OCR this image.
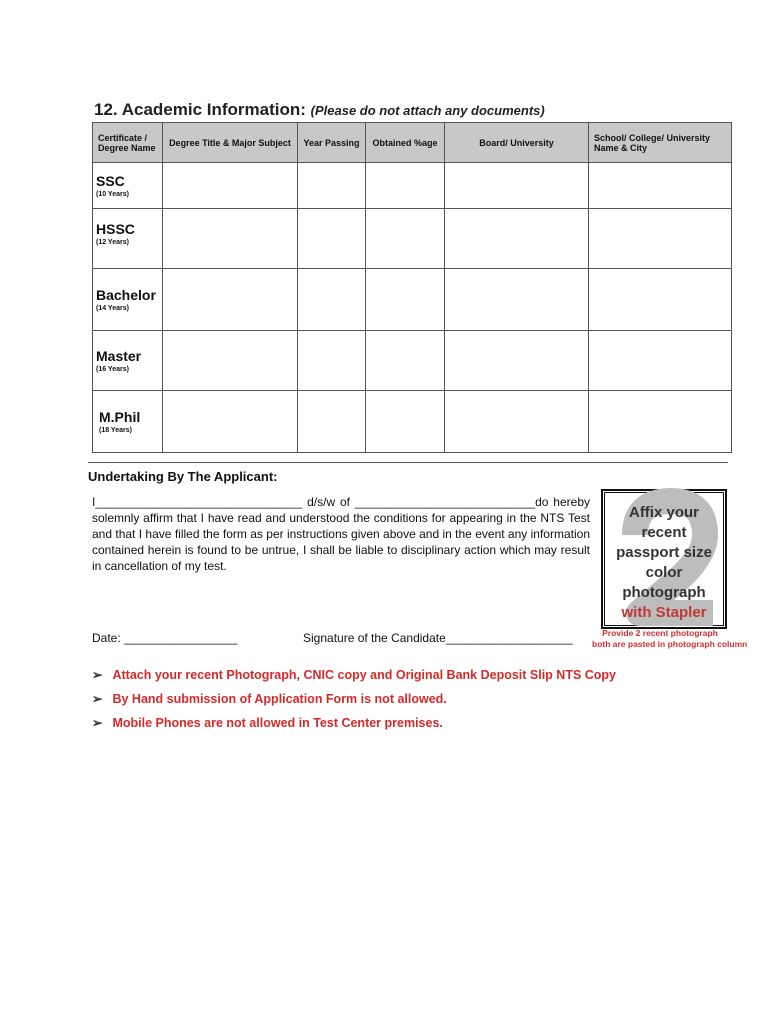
12. Academic Information: (Please do not attach any documents)
Certificate / Degree Name	Degree Title & Major Subject	Year Passing	Obtained %age	Board/ University	School/ College/ University Name & City
SSC
(10 Years)					

HSSC
(12 Years)					

Bachelor
(14 Years)					

Master
(16 Years)					

M.Phil
(18 Years)					

Undertaking By The Applicant:
I_______________________________ d/s/w of ___________________________do hereby solemnly affirm that I have read and understood the conditions for appearing in the NTS Test and that I have filled the form as per instructions given above and in the event any information contained herein is found to be untrue, I shall be liable to disciplinary action which may result in cancellation of my test.
Affix your
recent
passport size
color
photograph
with Stapler
Provide 2 recent photograph
both are pasted in photograph column
Date: _________________	Signature of the Candidate___________________
➢ Attach your recent Photograph, CNIC copy and Original Bank Deposit Slip NTS Copy
➢ By Hand submission of Application Form is not allowed.
➢ Mobile Phones are not allowed in Test Center premises.
